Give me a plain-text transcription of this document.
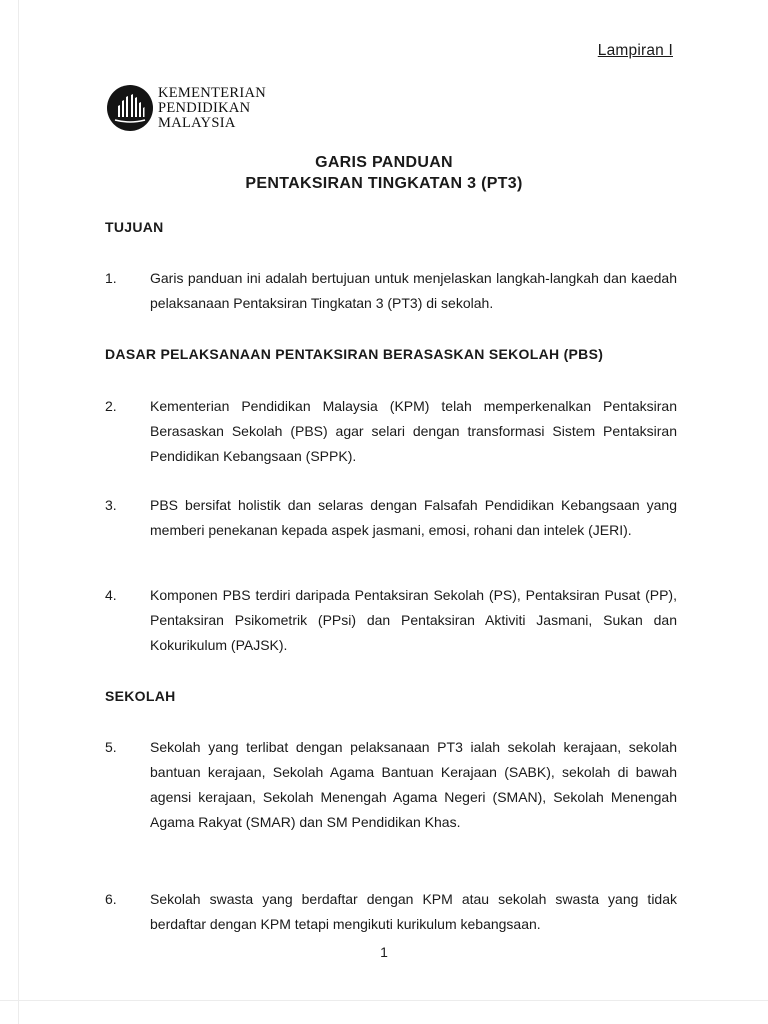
Lampiran I
KEMENTERIAN
PENDIDIKAN
MALAYSIA
GARIS PANDUAN
PENTAKSIRAN TINGKATAN 3 (PT3)
TUJUAN
1. Garis panduan ini adalah bertujuan untuk menjelaskan langkah-langkah dan kaedah pelaksanaan Pentaksiran Tingkatan 3 (PT3) di sekolah.
DASAR PELAKSANAAN PENTAKSIRAN BERASASKAN SEKOLAH (PBS)
2. Kementerian Pendidikan Malaysia (KPM) telah memperkenalkan Pentaksiran Berasaskan Sekolah (PBS) agar selari dengan transformasi Sistem Pentaksiran Pendidikan Kebangsaan (SPPK).
3. PBS bersifat holistik dan selaras dengan Falsafah Pendidikan Kebangsaan yang memberi penekanan kepada aspek jasmani, emosi, rohani dan intelek (JERI).
4. Komponen PBS terdiri daripada Pentaksiran Sekolah (PS), Pentaksiran Pusat (PP), Pentaksiran Psikometrik (PPsi) dan Pentaksiran Aktiviti Jasmani, Sukan dan Kokurikulum (PAJSK).
SEKOLAH
5. Sekolah yang terlibat dengan pelaksanaan PT3 ialah sekolah kerajaan, sekolah bantuan kerajaan, Sekolah Agama Bantuan Kerajaan (SABK), sekolah di bawah agensi kerajaan, Sekolah Menengah Agama Negeri (SMAN), Sekolah Menengah Agama Rakyat (SMAR) dan SM Pendidikan Khas.
6. Sekolah swasta yang berdaftar dengan KPM atau sekolah swasta yang tidak berdaftar dengan KPM tetapi mengikuti kurikulum kebangsaan.
1
